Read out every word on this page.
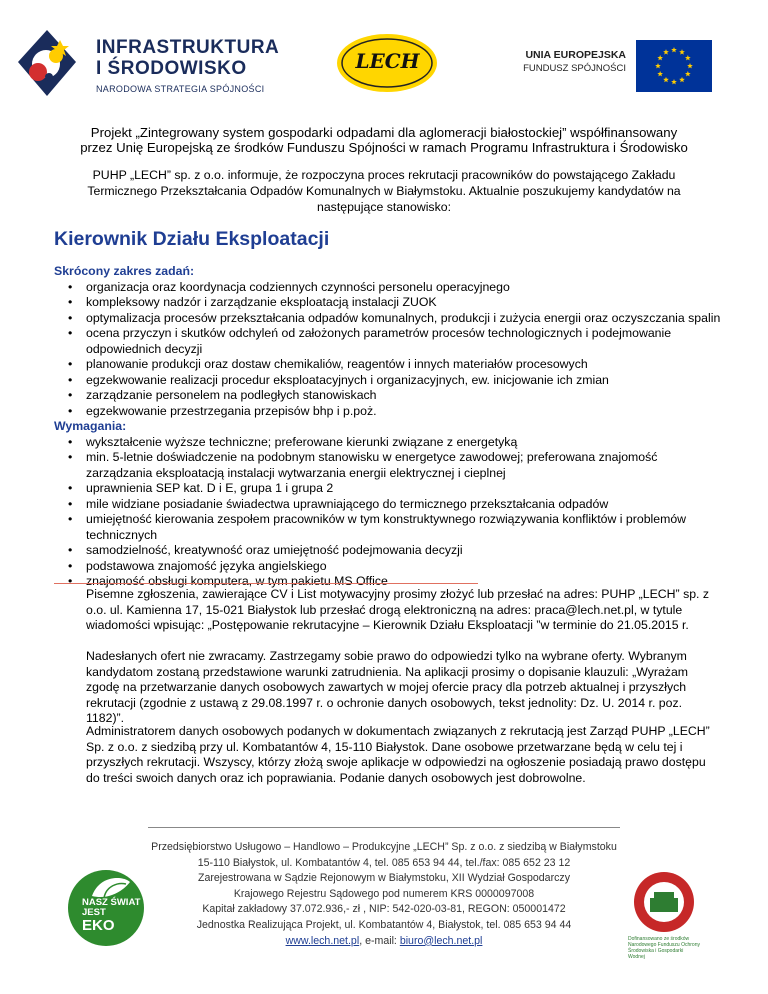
INFRASTRUKTURA
I ŚRODOWISKO
NARODOWA STRATEGIA SPÓJNOŚCI
LECH	UNIA EUROPEJSKA
FUNDUSZ SPÓJNOŚCI
Projekt „Zintegrowany system gospodarki odpadami dla aglomeracji białostockiej” współfinansowany
przez Unię Europejską ze środków Funduszu Spójności w ramach Programu Infrastruktura i Środowisko
PUHP „LECH” sp. z o.o. informuje, że rozpoczyna proces rekrutacji pracowników do powstającego Zakładu Termicznego Przekształcania Odpadów Komunalnych w Białymstoku. Aktualnie poszukujemy kandydatów na następujące stanowisko:
Kierownik Działu Eksploatacji
Skrócony zakres zadań:
• organizacja oraz koordynacja codziennych czynności personelu operacyjnego
• kompleksowy nadzór i zarządzanie eksploatacją instalacji ZUOK
• optymalizacja procesów przekształcania odpadów komunalnych, produkcji i zużycia energii oraz oczyszczania spalin
• ocena przyczyn i skutków odchyleń od założonych parametrów procesów technologicznych i podejmowanie odpowiednich decyzji
• planowanie produkcji oraz dostaw chemikaliów, reagentów i innych materiałów procesowych
• egzekwowanie realizacji procedur eksploatacyjnych i organizacyjnych, ew. inicjowanie ich zmian
• zarządzanie personelem na podległych stanowiskach
• egzekwowanie przestrzegania przepisów bhp i p.poż.
Wymagania:
• wykształcenie wyższe techniczne; preferowane kierunki związane z energetyką
• min. 5-letnie doświadczenie na podobnym stanowisku w energetyce zawodowej; preferowana znajomość zarządzania eksploatacją instalacji wytwarzania energii elektrycznej i cieplnej
• uprawnienia SEP kat. D i E, grupa 1 i grupa 2
• mile widziane posiadanie świadectwa uprawniającego do termicznego przekształcania odpadów
• umiejętność kierowania zespołem pracowników w tym konstruktywnego rozwiązywania konfliktów i problemów technicznych
• samodzielność, kreatywność oraz umiejętność podejmowania decyzji
• podstawowa znajomość języka angielskiego
• znajomość obsługi komputera, w tym pakietu MS Office
Pisemne zgłoszenia, zawierające CV i List motywacyjny prosimy złożyć lub przesłać na adres: PUHP „LECH” sp. z o.o. ul. Kamienna 17, 15-021 Białystok lub przesłać drogą elektroniczną na adres: praca@lech.net.pl, w tytule wiadomości wpisując: „Postępowanie rekrutacyjne – Kierownik Działu Eksploatacji ”w terminie do 21.05.2015 r.
Nadesłanych ofert nie zwracamy. Zastrzegamy sobie prawo do odpowiedzi tylko na wybrane oferty. Wybranym kandydatom zostaną przedstawione warunki zatrudnienia. Na aplikacji prosimy o dopisanie klauzuli: „Wyrażam zgodę na przetwarzanie danych osobowych zawartych w mojej ofercie pracy dla potrzeb aktualnej i przyszłych rekrutacji (zgodnie z ustawą z 29.08.1997 r. o ochronie danych osobowych, tekst jednolity: Dz. U. 2014 r. poz. 1182)”.
Administratorem danych osobowych podanych w dokumentach związanych z rekrutacją jest Zarząd PUHP „LECH” Sp. z o.o. z siedzibą przy ul. Kombatantów 4, 15-110 Białystok. Dane osobowe przetwarzane będą w celu tej i przyszłych rekrutacji. Wszyscy, którzy złożą swoje aplikacje w odpowiedzi na ogłoszenie posiadają prawo dostępu do treści swoich danych oraz ich poprawiania. Podanie danych osobowych jest dobrowolne.
NASZ ŚWIAT
JEST
EKO
Przedsiębiorstwo Usługowo – Handlowo – Produkcyjne „LECH” Sp. z o.o. z siedzibą w Białymstoku
15-110 Białystok, ul. Kombatantów 4, tel. 085 653 94 44, tel./fax: 085 652 23 12
Zarejestrowana w Sądzie Rejonowym w Białymstoku, XII Wydział Gospodarczy
Krajowego Rejestru Sądowego pod numerem KRS 0000097008
Kapitał zakładowy 37.072.936,- zł , NIP: 542-020-03-81, REGON: 050001472
Jednostka Realizująca Projekt, ul. Kombatantów 4, Białystok, tel. 085 653 94 44
www.lech.net.pl, e-mail: biuro@lech.net.pl	Dofinansowano ze środków Narodowego Funduszu Ochrony Środowiska i Gospodarki Wodnej
